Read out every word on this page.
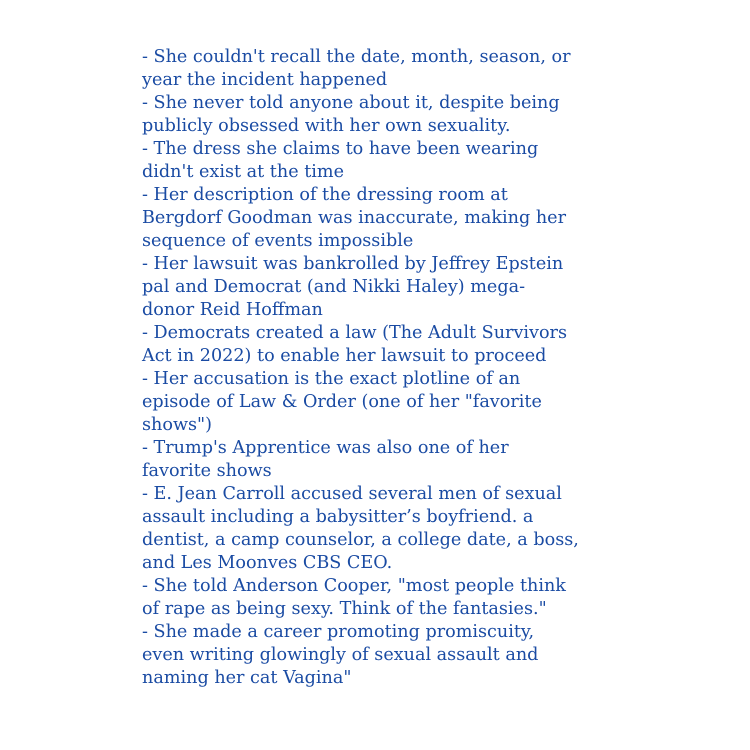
- She couldn't recall the date, month, season, or
year the incident happened
- She never told anyone about it, despite being
publicly obsessed with her own sexuality.
- The dress she claims to have been wearing
didn't exist at the time
- Her description of the dressing room at
Bergdorf Goodman was inaccurate, making her
sequence of events impossible
- Her lawsuit was bankrolled by Jeffrey Epstein
pal and Democrat (and Nikki Haley) mega-
donor Reid Hoffman
- Democrats created a law (The Adult Survivors
Act in 2022) to enable her lawsuit to proceed
- Her accusation is the exact plotline of an
episode of Law & Order (one of her "favorite
shows")
- Trump's Apprentice was also one of her
favorite shows
- E. Jean Carroll accused several men of sexual
assault including a babysitter’s boyfriend. a
dentist, a camp counselor, a college date, a boss,
and Les Moonves CBS CEO.
- She told Anderson Cooper, "most people think
of rape as being sexy. Think of the fantasies."
- She made a career promoting promiscuity,
even writing glowingly of sexual assault and
naming her cat Vagina"
